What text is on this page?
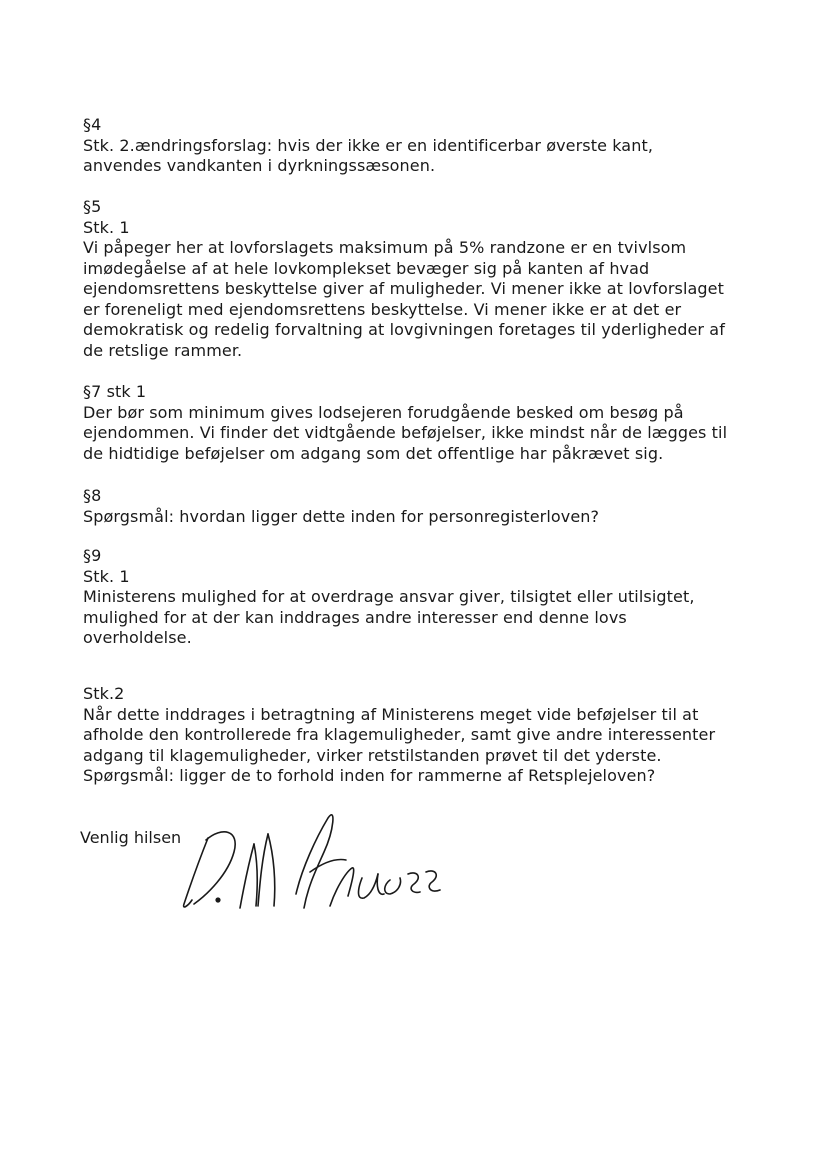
§4
Stk. 2.ændringsforslag: hvis der ikke er en identificerbar øverste kant,
anvendes vandkanten i dyrkningssæsonen.
§5
Stk. 1
Vi påpeger her at lovforslagets maksimum på 5% randzone er en tvivlsom
imødegåelse af at hele lovkomplekset bevæger sig på kanten af hvad
ejendomsrettens beskyttelse giver af muligheder. Vi mener ikke at lovforslaget
er foreneligt med ejendomsrettens beskyttelse. Vi mener ikke er at det er
demokratisk og redelig forvaltning at lovgivningen foretages til yderligheder af
de retslige rammer.
§7 stk 1
Der bør som minimum gives lodsejeren forudgående besked om besøg på
ejendommen. Vi finder det vidtgående beføjelser, ikke mindst når de lægges til
de hidtidige beføjelser om adgang som det offentlige har påkrævet sig.
§8
Spørgsmål: hvordan ligger dette inden for personregisterloven?
§9
Stk. 1
Ministerens mulighed for at overdrage ansvar giver, tilsigtet eller utilsigtet,
mulighed for at der kan inddrages andre interesser end denne lovs
overholdelse.
Stk.2
Når dette inddrages i betragtning af Ministerens meget vide beføjelser til at
afholde den kontrollerede fra klagemuligheder, samt give andre interessenter
adgang til klagemuligheder, virker retstilstanden prøvet til det yderste.
Spørgsmål: ligger de to forhold inden for rammerne af Retsplejeloven?
Venlig hilsen
